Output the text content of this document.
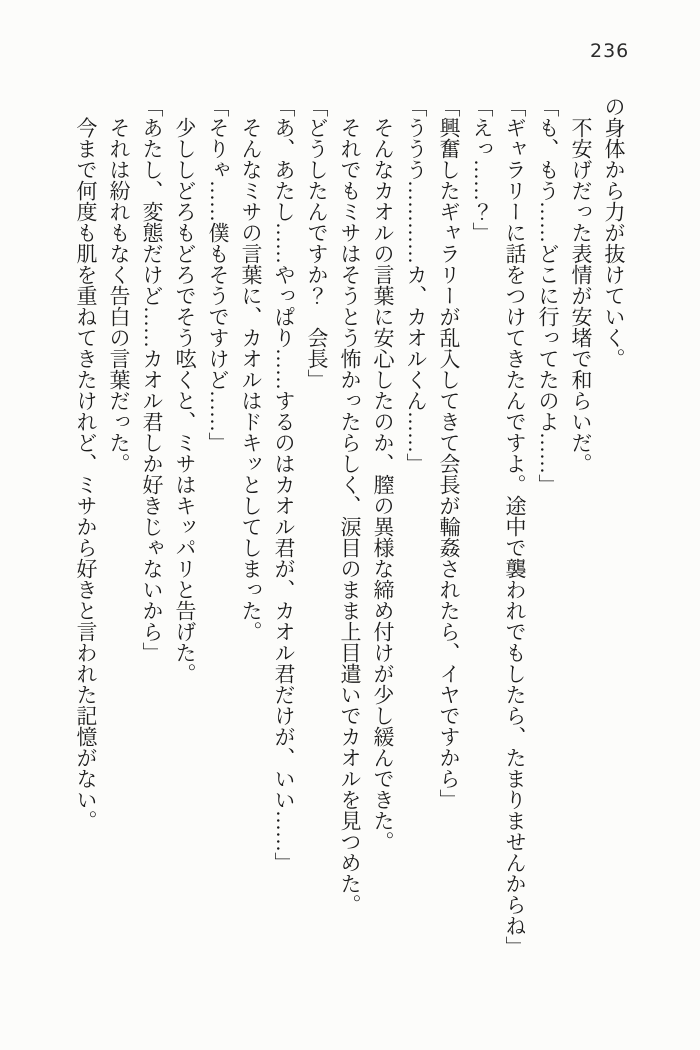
236

の身体から力が抜けていく。

不安げだった表情が安堵で和らいだ。

「も、もう……どこに行ってたのよ……」

「ギャラリーに話をつけてきたんですよ。途中で襲われでもしたら、たまりませんからね」

「えっ……？」

「興奮したギャラリーが乱入してきて会長が輪姦されたら、イヤですから」

「ううう…………カ、カオルくん……」

そんなカオルの言葉に安心したのか、膣の異様な締め付けが少し緩んできた。

それでもミサはそうとう怖かったらしく、涙目のまま上目遣いでカオルを見つめた。

「どうしたんですか？　会長」

「あ、あたし……やっぱり……するのはカオル君が、カオル君だけが、いい……」

そんなミサの言葉に、カオルはドキッとしてしまった。

「そりゃ……僕もそうですけど……」

少ししどろもどろでそう呟くと、ミサはキッパリと告げた。

「あたし、変態だけど……カオル君しか好きじゃないから」

それは紛れもなく告白の言葉だった。

今まで何度も肌を重ねてきたけれど、ミサから好きと言われた記憶がない。
